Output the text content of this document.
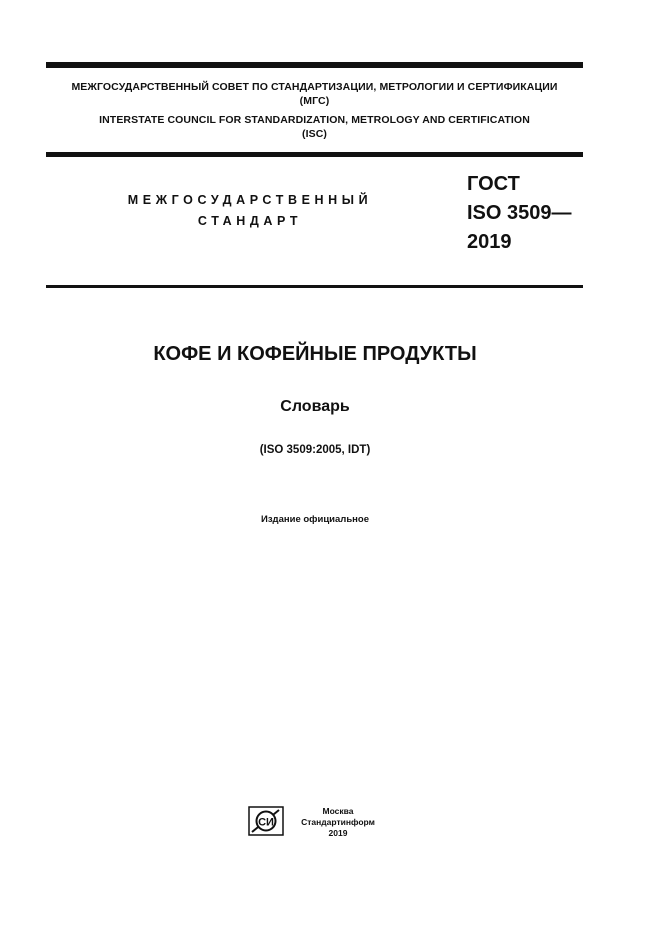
МЕЖГОСУДАРСТВЕННЫЙ СОВЕТ ПО СТАНДАРТИЗАЦИИ, МЕТРОЛОГИИ И СЕРТИФИКАЦИИ
(МГС)
INTERSTATE COUNCIL FOR STANDARDIZATION, METROLOGY AND CERTIFICATION
(ISC)
МЕЖГОСУДАРСТВЕННЫЙ
СТАНДАРТ
ГОСТ
ISO 3509—
2019
КОФЕ И КОФЕЙНЫЕ ПРОДУКТЫ
Словарь
(ISO 3509:2005, IDT)
Издание официальное
СИ
Москва
Стандартинформ
2019
